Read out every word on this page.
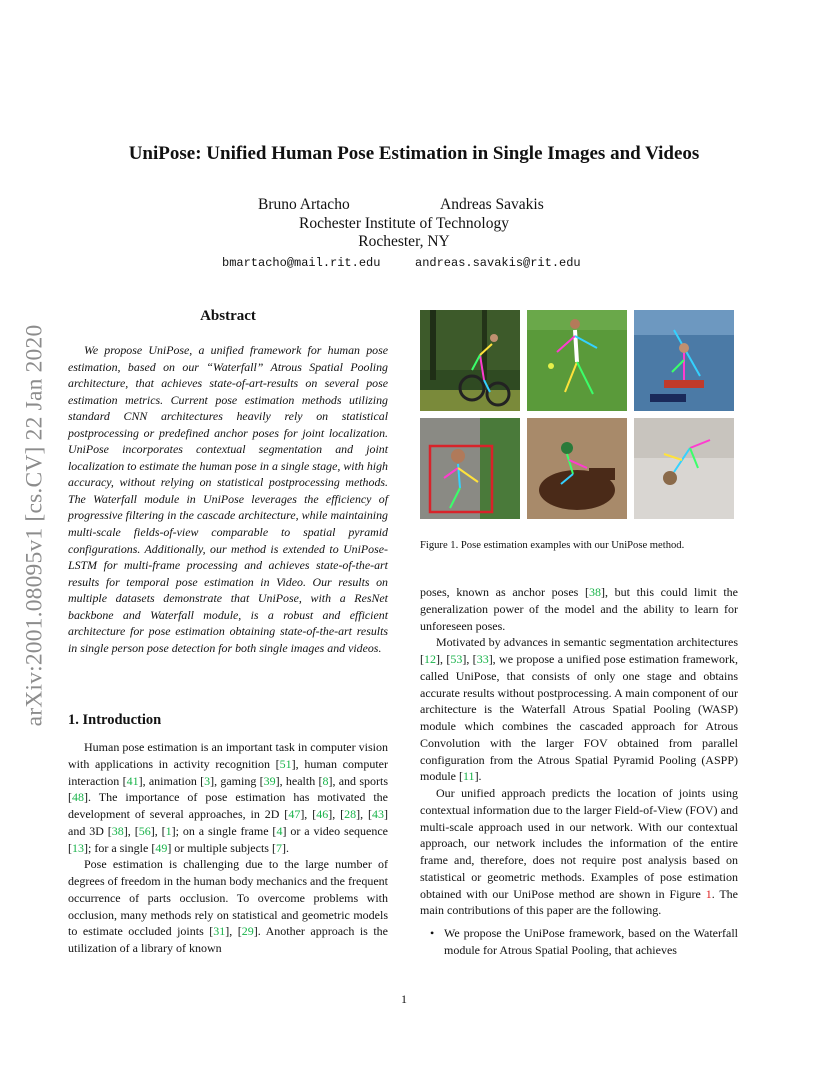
arXiv:2001.08095v1 [cs.CV] 22 Jan 2020
UniPose: Unified Human Pose Estimation in Single Images and Videos
Bruno Artacho	Andreas Savakis
Rochester Institute of Technology
Rochester, NY
bmartacho@mail.rit.edu	andreas.savakis@rit.edu
Abstract

We propose UniPose, a unified framework for human pose estimation, based on our “Waterfall” Atrous Spatial Pooling architecture, that achieves state-of-art-results on several pose estimation metrics. Current pose estimation methods utilizing standard CNN architectures heavily rely on statistical postprocessing or predefined anchor poses for joint localization. UniPose incorporates contextual segmentation and joint localization to estimate the human pose in a single stage, with high accuracy, without relying on statistical postprocessing methods. The Waterfall module in UniPose leverages the efficiency of progressive filtering in the cascade architecture, while maintaining multi-scale fields-of-view comparable to spatial pyramid configurations. Additionally, our method is extended to UniPose-LSTM for multi-frame processing and achieves state-of-the-art results for temporal pose estimation in Video. Our results on multiple datasets demonstrate that UniPose, with a ResNet backbone and Waterfall module, is a robust and efficient architecture for pose estimation obtaining state-of-the-art results in single person pose detection for both single images and videos.

1. Introduction

Human pose estimation is an important task in computer vision with applications in activity recognition [51], human computer interaction [41], animation [3], gaming [39], health [8], and sports [48]. The importance of pose estimation has motivated the development of several approaches, in 2D [47], [46], [28], [43] and 3D [38], [56], [1]; on a single frame [4] or a video sequence [13]; for a single [49] or multiple subjects [7].

Pose estimation is challenging due to the large number of degrees of freedom in the human body mechanics and the frequent occurrence of parts occlusion. To overcome problems with occlusion, many methods rely on statistical and geometric models to estimate occluded joints [31], [29]. Another approach is the utilization of a library of known

Figure 1. Pose estimation examples with our UniPose method.

poses, known as anchor poses [38], but this could limit the generalization power of the model and the ability to learn for unforeseen poses.

Motivated by advances in semantic segmentation architectures [12], [53], [33], we propose a unified pose estimation framework, called UniPose, that consists of only one stage and obtains accurate results without postprocessing. A main component of our architecture is the Waterfall Atrous Spatial Pooling (WASP) module which combines the cascaded approach for Atrous Convolution with the larger FOV obtained from parallel configuration from the Atrous Spatial Pyramid Pooling (ASPP) module [11].

Our unified approach predicts the location of joints using contextual information due to the larger Field-of-View (FOV) and multi-scale approach used in our network. With our contextual approach, our network includes the information of the entire frame and, therefore, does not require post analysis based on statistical or geometric methods. Examples of pose estimation obtained with our UniPose method are shown in Figure 1. The main contributions of this paper are the following.

• We propose the UniPose framework, based on the Waterfall module for Atrous Spatial Pooling, that achieves
1
